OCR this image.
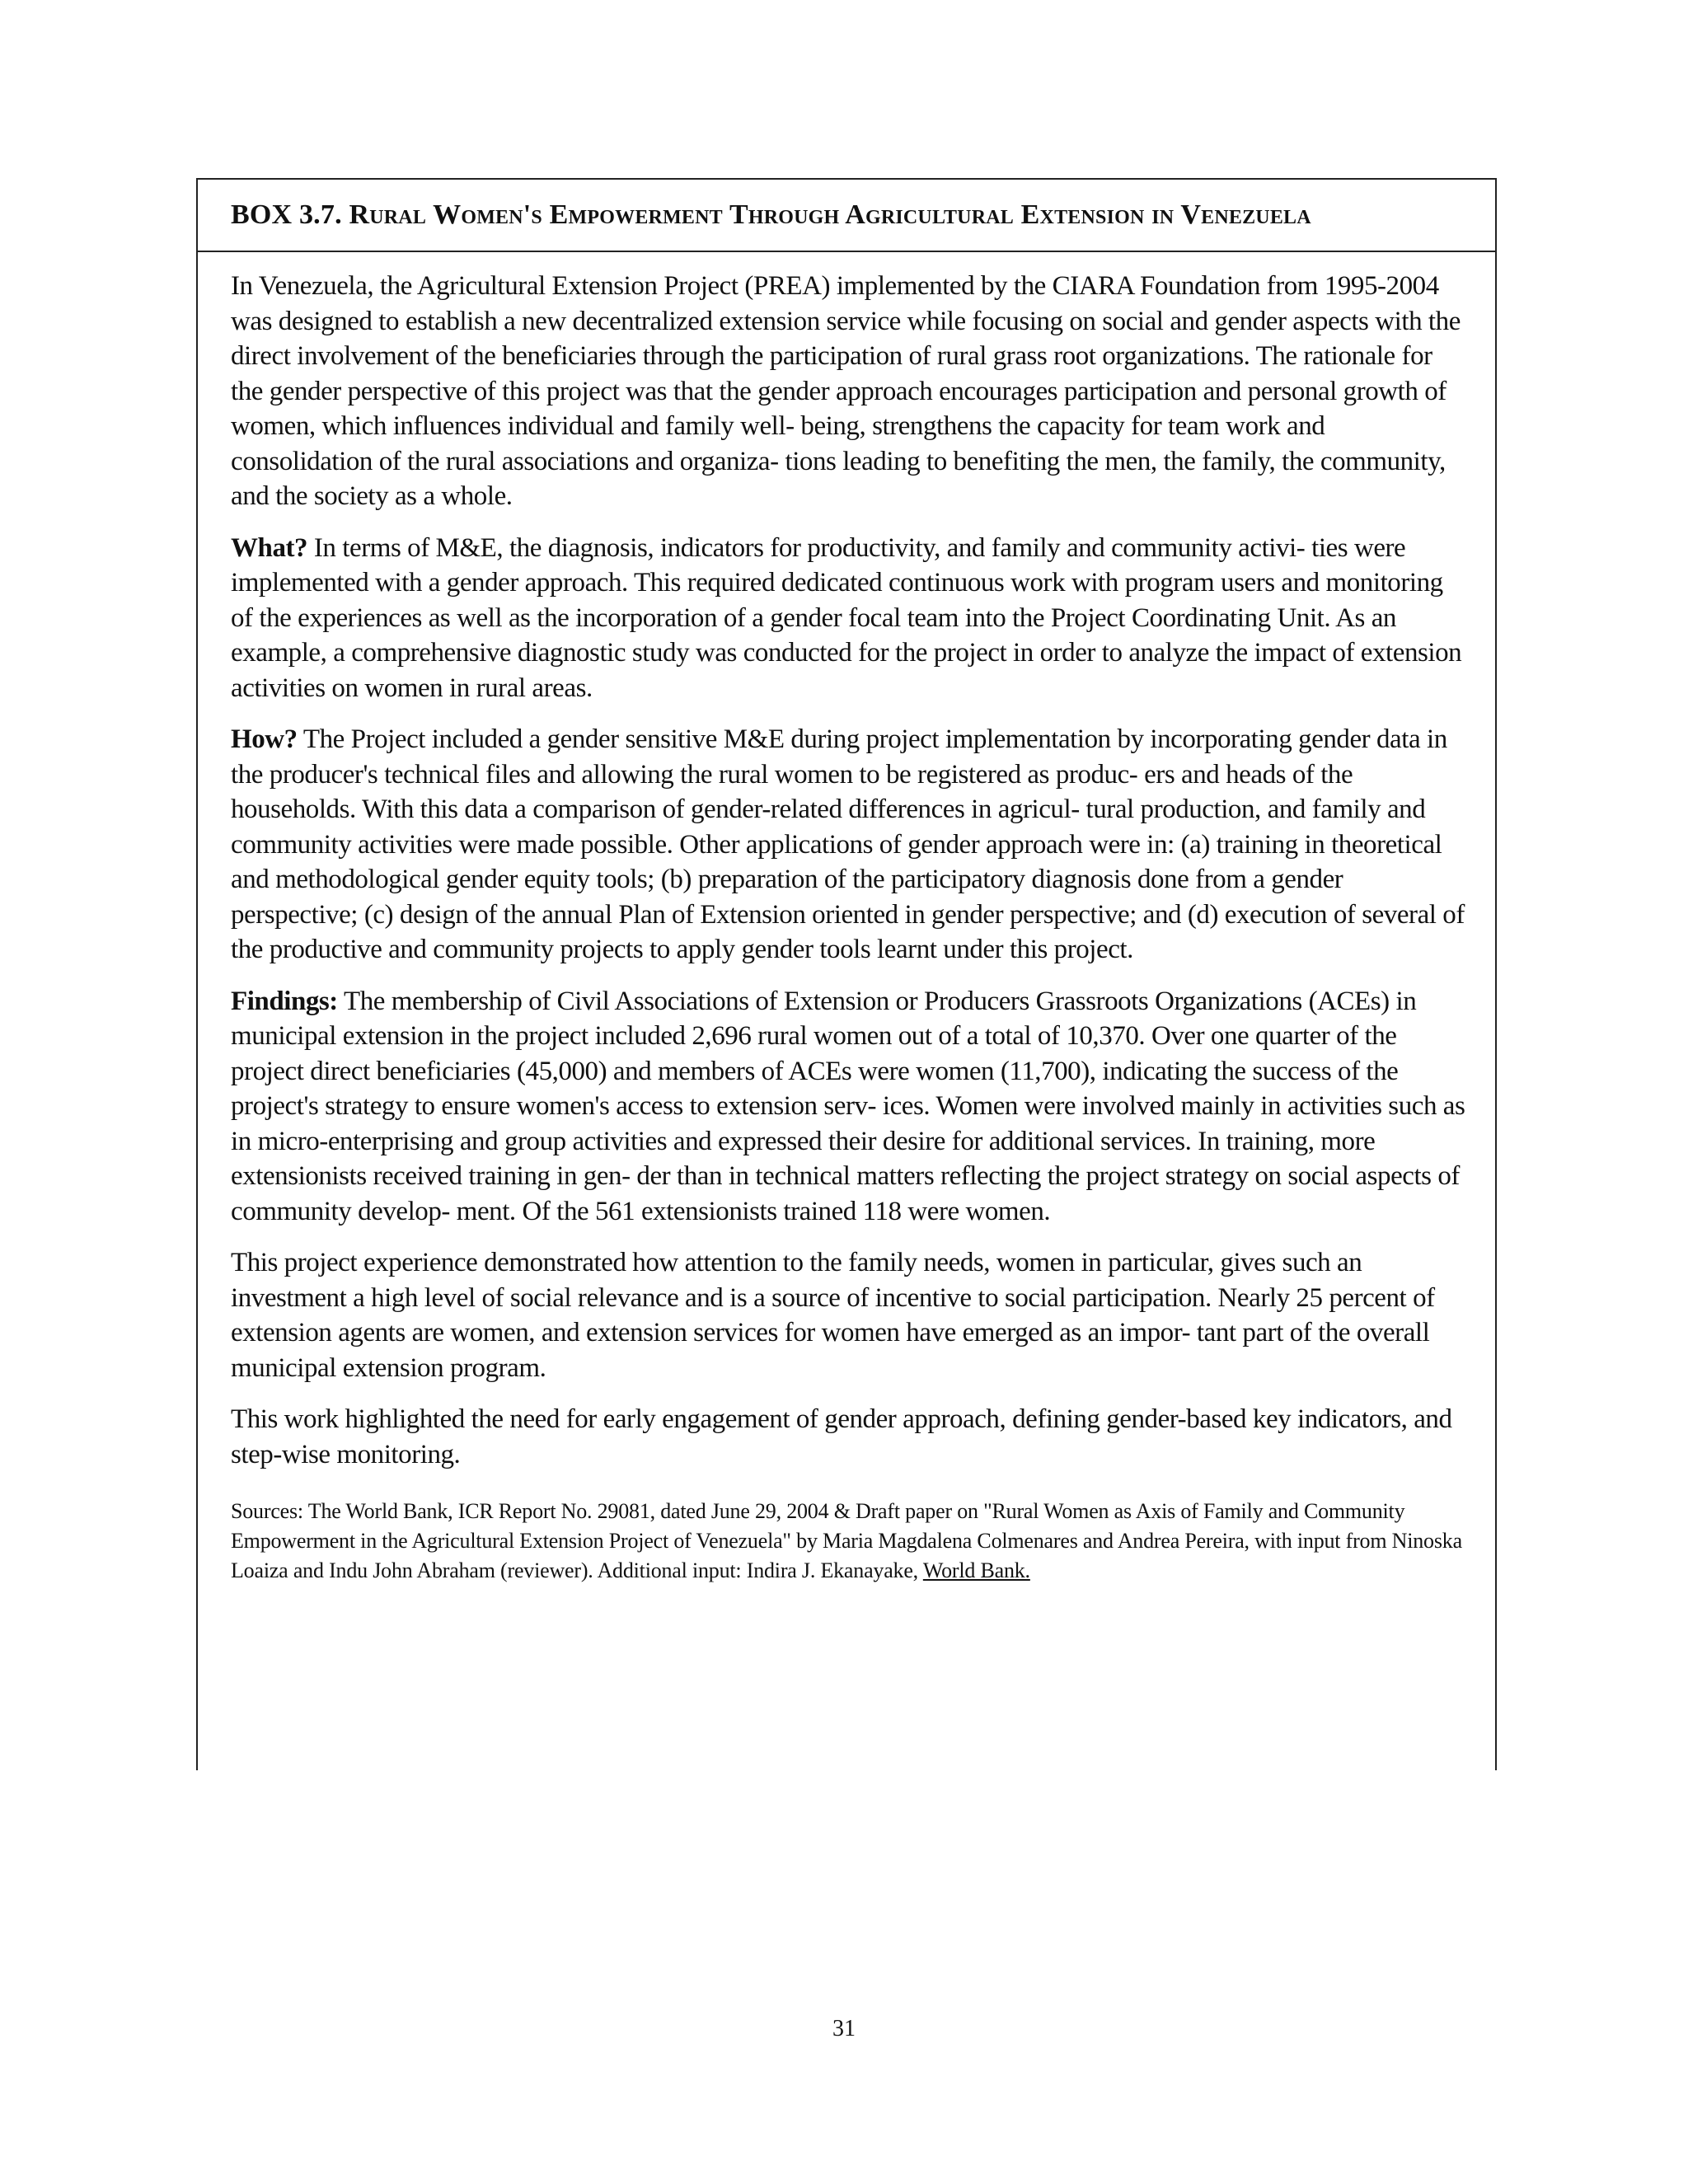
BOX 3.7. Rural Women's Empowerment Through Agricultural Extension in Venezuela

In Venezuela, the Agricultural Extension Project (PREA) implemented by the CIARA Foundation from 1995-2004 was designed to establish a new decentralized extension service while focusing on social and gender aspects with the direct involvement of the beneficiaries through the participation of rural grass root organizations. The rationale for the gender perspective of this project was that the gender approach encourages participation and personal growth of women, which influences individual and family well- being, strengthens the capacity for team work and consolidation of the rural associations and organiza- tions leading to benefiting the men, the family, the community, and the society as a whole.

What? In terms of M&E, the diagnosis, indicators for productivity, and family and community activi- ties were implemented with a gender approach. This required dedicated continuous work with program users and monitoring of the experiences as well as the incorporation of a gender focal team into the Project Coordinating Unit. As an example, a comprehensive diagnostic study was conducted for the project in order to analyze the impact of extension activities on women in rural areas.

How? The Project included a gender sensitive M&E during project implementation by incorporating gender data in the producer's technical files and allowing the rural women to be registered as produc- ers and heads of the households. With this data a comparison of gender-related differences in agricul- tural production, and family and community activities were made possible. Other applications of gender approach were in: (a) training in theoretical and methodological gender equity tools; (b) preparation of the participatory diagnosis done from a gender perspective; (c) design of the annual Plan of Extension oriented in gender perspective; and (d) execution of several of the productive and community projects to apply gender tools learnt under this project.

Findings: The membership of Civil Associations of Extension or Producers Grassroots Organizations (ACEs) in municipal extension in the project included 2,696 rural women out of a total of 10,370. Over one quarter of the project direct beneficiaries (45,000) and members of ACEs were women (11,700), indicating the success of the project's strategy to ensure women's access to extension serv- ices. Women were involved mainly in activities such as in micro-enterprising and group activities and expressed their desire for additional services. In training, more extensionists received training in gen- der than in technical matters reflecting the project strategy on social aspects of community develop- ment. Of the 561 extensionists trained 118 were women.

This project experience demonstrated how attention to the family needs, women in particular, gives such an investment a high level of social relevance and is a source of incentive to social participation. Nearly 25 percent of extension agents are women, and extension services for women have emerged as an impor- tant part of the overall municipal extension program.

This work highlighted the need for early engagement of gender approach, defining gender-based key indicators, and step-wise monitoring.

Sources: The World Bank, ICR Report No. 29081, dated June 29, 2004 & Draft paper on "Rural Women as Axis of Family and Community Empowerment in the Agricultural Extension Project of Venezuela" by Maria Magdalena Colmenares and Andrea Pereira, with input from Ninoska Loaiza and Indu John Abraham (reviewer). Additional input: Indira J. Ekanayake, World Bank.
31
